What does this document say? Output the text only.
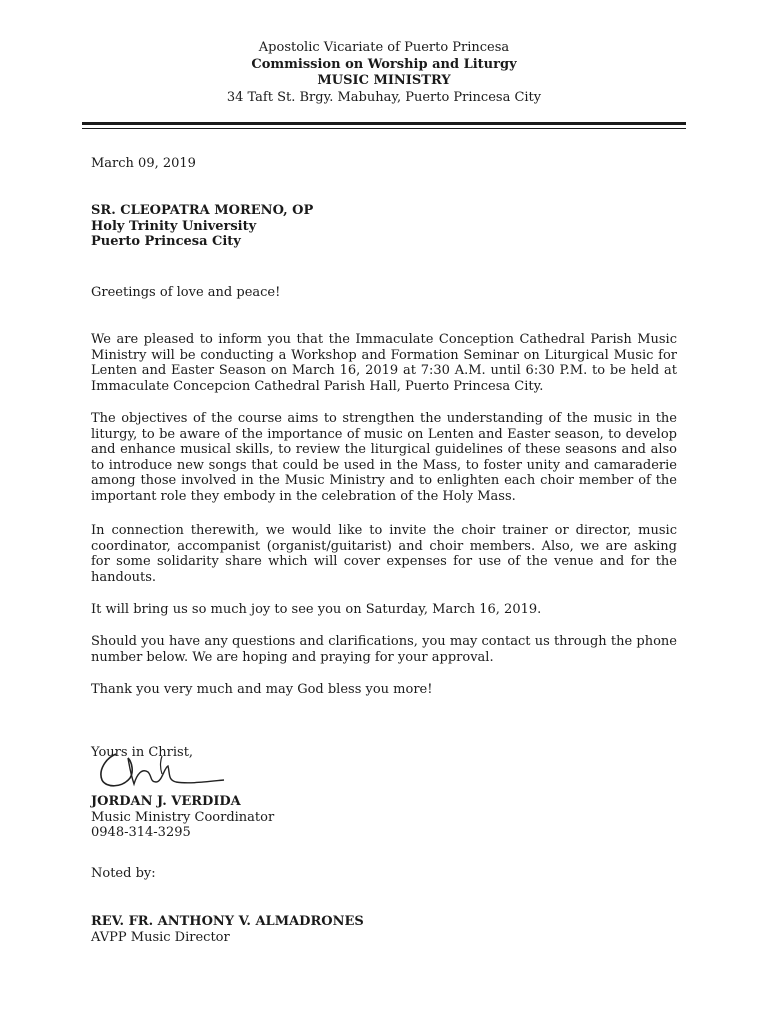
Apostolic Vicariate of Puerto Princesa
Commission on Worship and Liturgy
MUSIC MINISTRY
34 Taft St. Brgy. Mabuhay, Puerto Princesa City
March 09, 2019
SR. CLEOPATRA MORENO, OP
Holy Trinity University
Puerto Princesa City
Greetings of love and peace!
We are pleased to inform you that the Immaculate Conception Cathedral Parish Music Ministry will be conducting a Workshop and Formation Seminar on Liturgical Music for Lenten and Easter Season on March 16, 2019 at 7:30 A.M. until 6:30 P.M. to be held at Immaculate Concepcion Cathedral Parish Hall, Puerto Princesa City.
The objectives of the course aims to strengthen the understanding of the music in the liturgy, to be aware of the importance of music on Lenten and Easter season, to develop and enhance musical skills, to review the liturgical guidelines of these seasons and also to introduce new songs that could be used in the Mass, to foster unity and camaraderie among those involved in the Music Ministry and to enlighten each choir member of the important role they embody in the celebration of the Holy Mass.
In connection therewith, we would like to invite the choir trainer or director, music coordinator, accompanist (organist/guitarist) and choir members. Also, we are asking for some solidarity share which will cover expenses for use of the venue and for the handouts.
It will bring us so much joy to see you on Saturday, March 16, 2019.
Should you have any questions and clarifications, you may contact us through the phone number below. We are hoping and praying for your approval.
Thank you very much and may God bless you more!
Yours in Christ,
JORDAN J. VERDIDA
Music Ministry Coordinator
0948-314-3295
Noted by:
REV. FR. ANTHONY V. ALMADRONES
AVPP Music Director
